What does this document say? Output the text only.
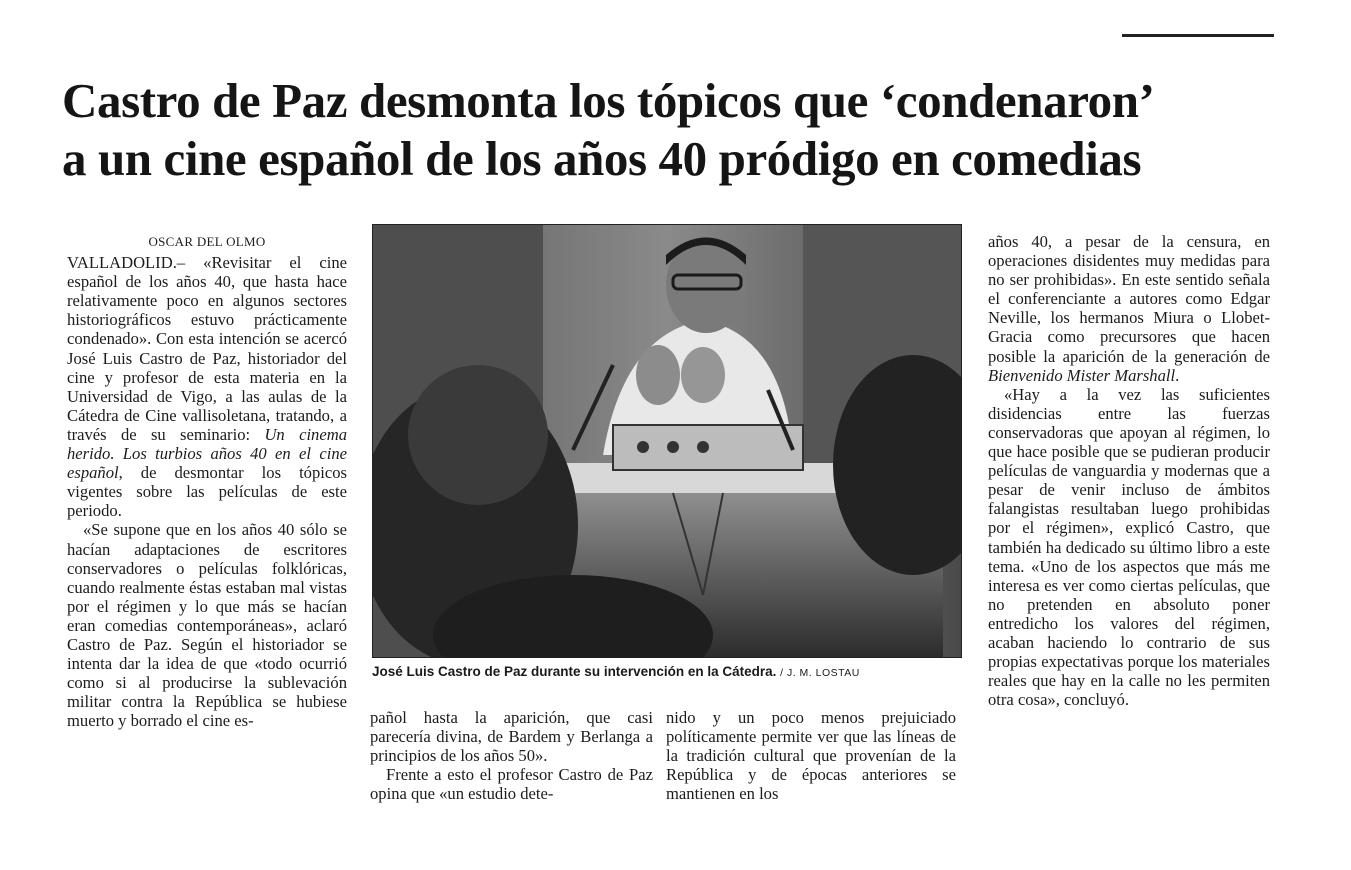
Castro de Paz desmonta los tópicos que ‘condenaron’
a un cine español de los años 40 pródigo en comedias
OSCAR DEL OLMO

VALLADOLID.– «Revisitar el cine español de los años 40, que hasta hace relativamente poco en algunos sectores historiográficos estuvo prácticamente condenado». Con esta intención se acercó José Luis Castro de Paz, historiador del cine y profesor de esta materia en la Universidad de Vigo, a las aulas de la Cátedra de Cine vallisoletana, tratando, a través de su seminario: Un cinema herido. Los turbios años 40 en el cine español, de desmontar los tópicos vigentes sobre las películas de este periodo.

«Se supone que en los años 40 sólo se hacían adaptaciones de escritores conservadores o películas folklóricas, cuando realmente éstas estaban mal vistas por el régimen y lo que más se hacían eran comedias contemporáneas», aclaró Castro de Paz. Según el historiador se intenta dar la idea de que «todo ocurrió como si al producirse la sublevación militar contra la República se hubiese muerto y borrado el cine es-

José Luis Castro de Paz durante su intervención en la Cátedra. / J. M. LOSTAU

pañol hasta la aparición, que casi parecería divina, de Bardem y Berlanga a principios de los años 50».

Frente a esto el profesor Castro de Paz opina que «un estudio dete-

nido y un poco menos prejuiciado políticamente permite ver que las líneas de la tradición cultural que provenían de la República y de épocas anteriores se mantienen en los

años 40, a pesar de la censura, en operaciones disidentes muy medidas para no ser prohibidas». En este sentido señala el conferenciante a autores como Edgar Neville, los hermanos Miura o Llobet-Gracia como precursores que hacen posible la aparición de la generación de Bienvenido Mister Marshall.

«Hay a la vez las suficientes disidencias entre las fuerzas conservadoras que apoyan al régimen, lo que hace posible que se pudieran producir películas de vanguardia y modernas que a pesar de venir incluso de ámbitos falangistas resultaban luego prohibidas por el régimen», explicó Castro, que también ha dedicado su último libro a este tema. «Uno de los aspectos que más me interesa es ver como ciertas películas, que no pretenden en absoluto poner entredicho los valores del régimen, acaban haciendo lo contrario de sus propias expectativas porque los materiales reales que hay en la calle no les permiten otra cosa», concluyó.
